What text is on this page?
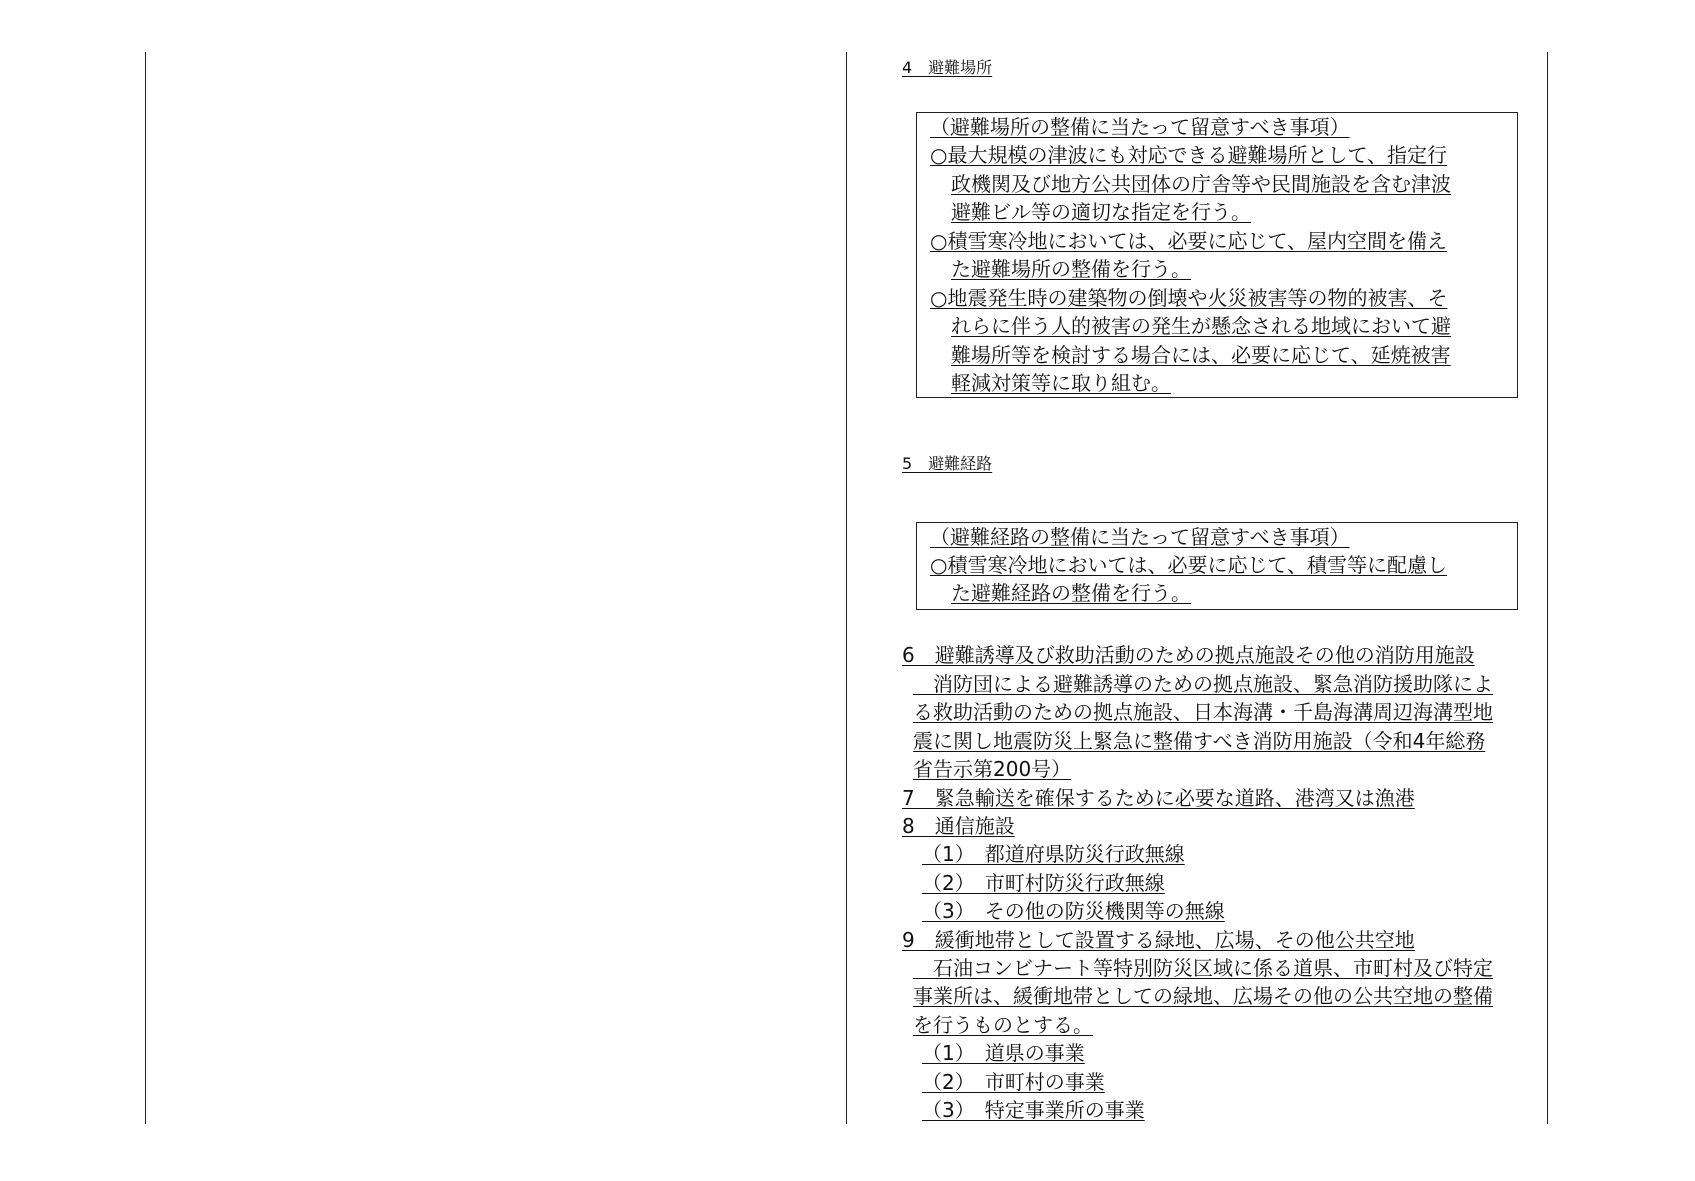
4　避難場所
（避難場所の整備に当たって留意すべき事項）
○最大規模の津波にも対応できる避難場所として、指定行
政機関及び地方公共団体の庁舎等や民間施設を含む津波
避難ビル等の適切な指定を行う。
○積雪寒冷地においては、必要に応じて、屋内空間を備え
た避難場所の整備を行う。
○地震発生時の建築物の倒壊や火災被害等の物的被害、そ
れらに伴う人的被害の発生が懸念される地域において避
難場所等を検討する場合には、必要に応じて、延焼被害
軽減対策等に取り組む。
5　避難経路
（避難経路の整備に当たって留意すべき事項）
○積雪寒冷地においては、必要に応じて、積雪等に配慮し
た避難経路の整備を行う。
6　避難誘導及び救助活動のための拠点施設その他の消防用施設
　消防団による避難誘導のための拠点施設、緊急消防援助隊によ
る救助活動のための拠点施設、日本海溝・千島海溝周辺海溝型地
震に関し地震防災上緊急に整備すべき消防用施設（令和4年総務
省告示第200号）
7　緊急輸送を確保するために必要な道路、港湾又は漁港
8　通信施設
（1）　都道府県防災行政無線
（2）　市町村防災行政無線
（3）　その他の防災機関等の無線
9　緩衝地帯として設置する緑地、広場、その他公共空地
　石油コンビナート等特別防災区域に係る道県、市町村及び特定
事業所は、緩衝地帯としての緑地、広場その他の公共空地の整備
を行うものとする。
（1）　道県の事業
（2）　市町村の事業
（3）　特定事業所の事業
